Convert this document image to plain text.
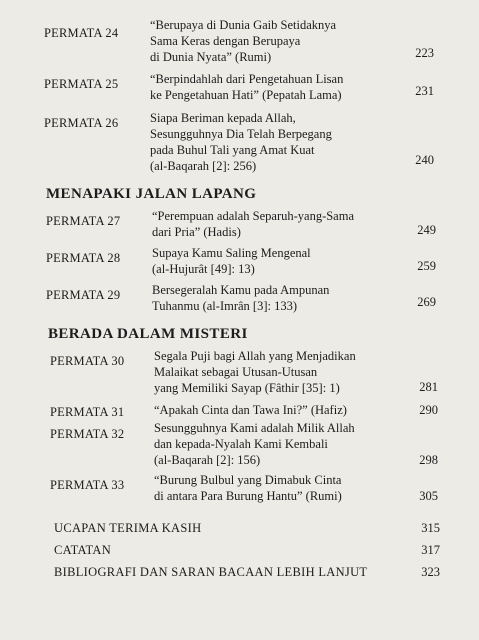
PERMATA 24
“Berupaya di Dunia Gaib Setidaknya
Sama Keras dengan Berupaya
di Dunia Nyata” (Rumi)	223
PERMATA 25	“Berpindahlah dari Pengetahuan Lisan
ke Pengetahuan Hati” (Pepatah Lama)	231
PERMATA 26	Siapa Beriman kepada Allah,
Sesungguhnya Dia Telah Berpegang
pada Buhul Tali yang Amat Kuat
(al-Baqarah [2]: 256)	240
MENAPAKI JALAN LAPANG
PERMATA 27	“Perempuan adalah Separuh-yang-Sama
dari Pria” (Hadis)	249
PERMATA 28	Supaya Kamu Saling Mengenal
(al-Hujurât [49]: 13)	259
PERMATA 29	Bersegeralah Kamu pada Ampunan
Tuhanmu (al-Imrân [3]: 133)	269
BERADA DALAM MISTERI
PERMATA 30 Segala Puji bagi Allah yang Menjadikan
Malaikat sebagai Utusan-Utusan
yang Memiliki Sayap (Fâthir [35]: 1)	281
PERMATA 31 “Apakah Cinta dan Tawa Ini?” (Hafiz)	290
PERMATA 32 Sesungguhnya Kami adalah Milik Allah
dan kepada-Nyalah Kami Kembali
(al-Baqarah [2]: 156)	298
PERMATA 33 “Burung Bulbul yang Dimabuk Cinta
di antara Para Burung Hantu” (Rumi)	305
UCAPAN TERIMA KASIH	315
CATATAN	317
BIBLIOGRAFI DAN SARAN BACAAN LEBIH LANJUT	323
